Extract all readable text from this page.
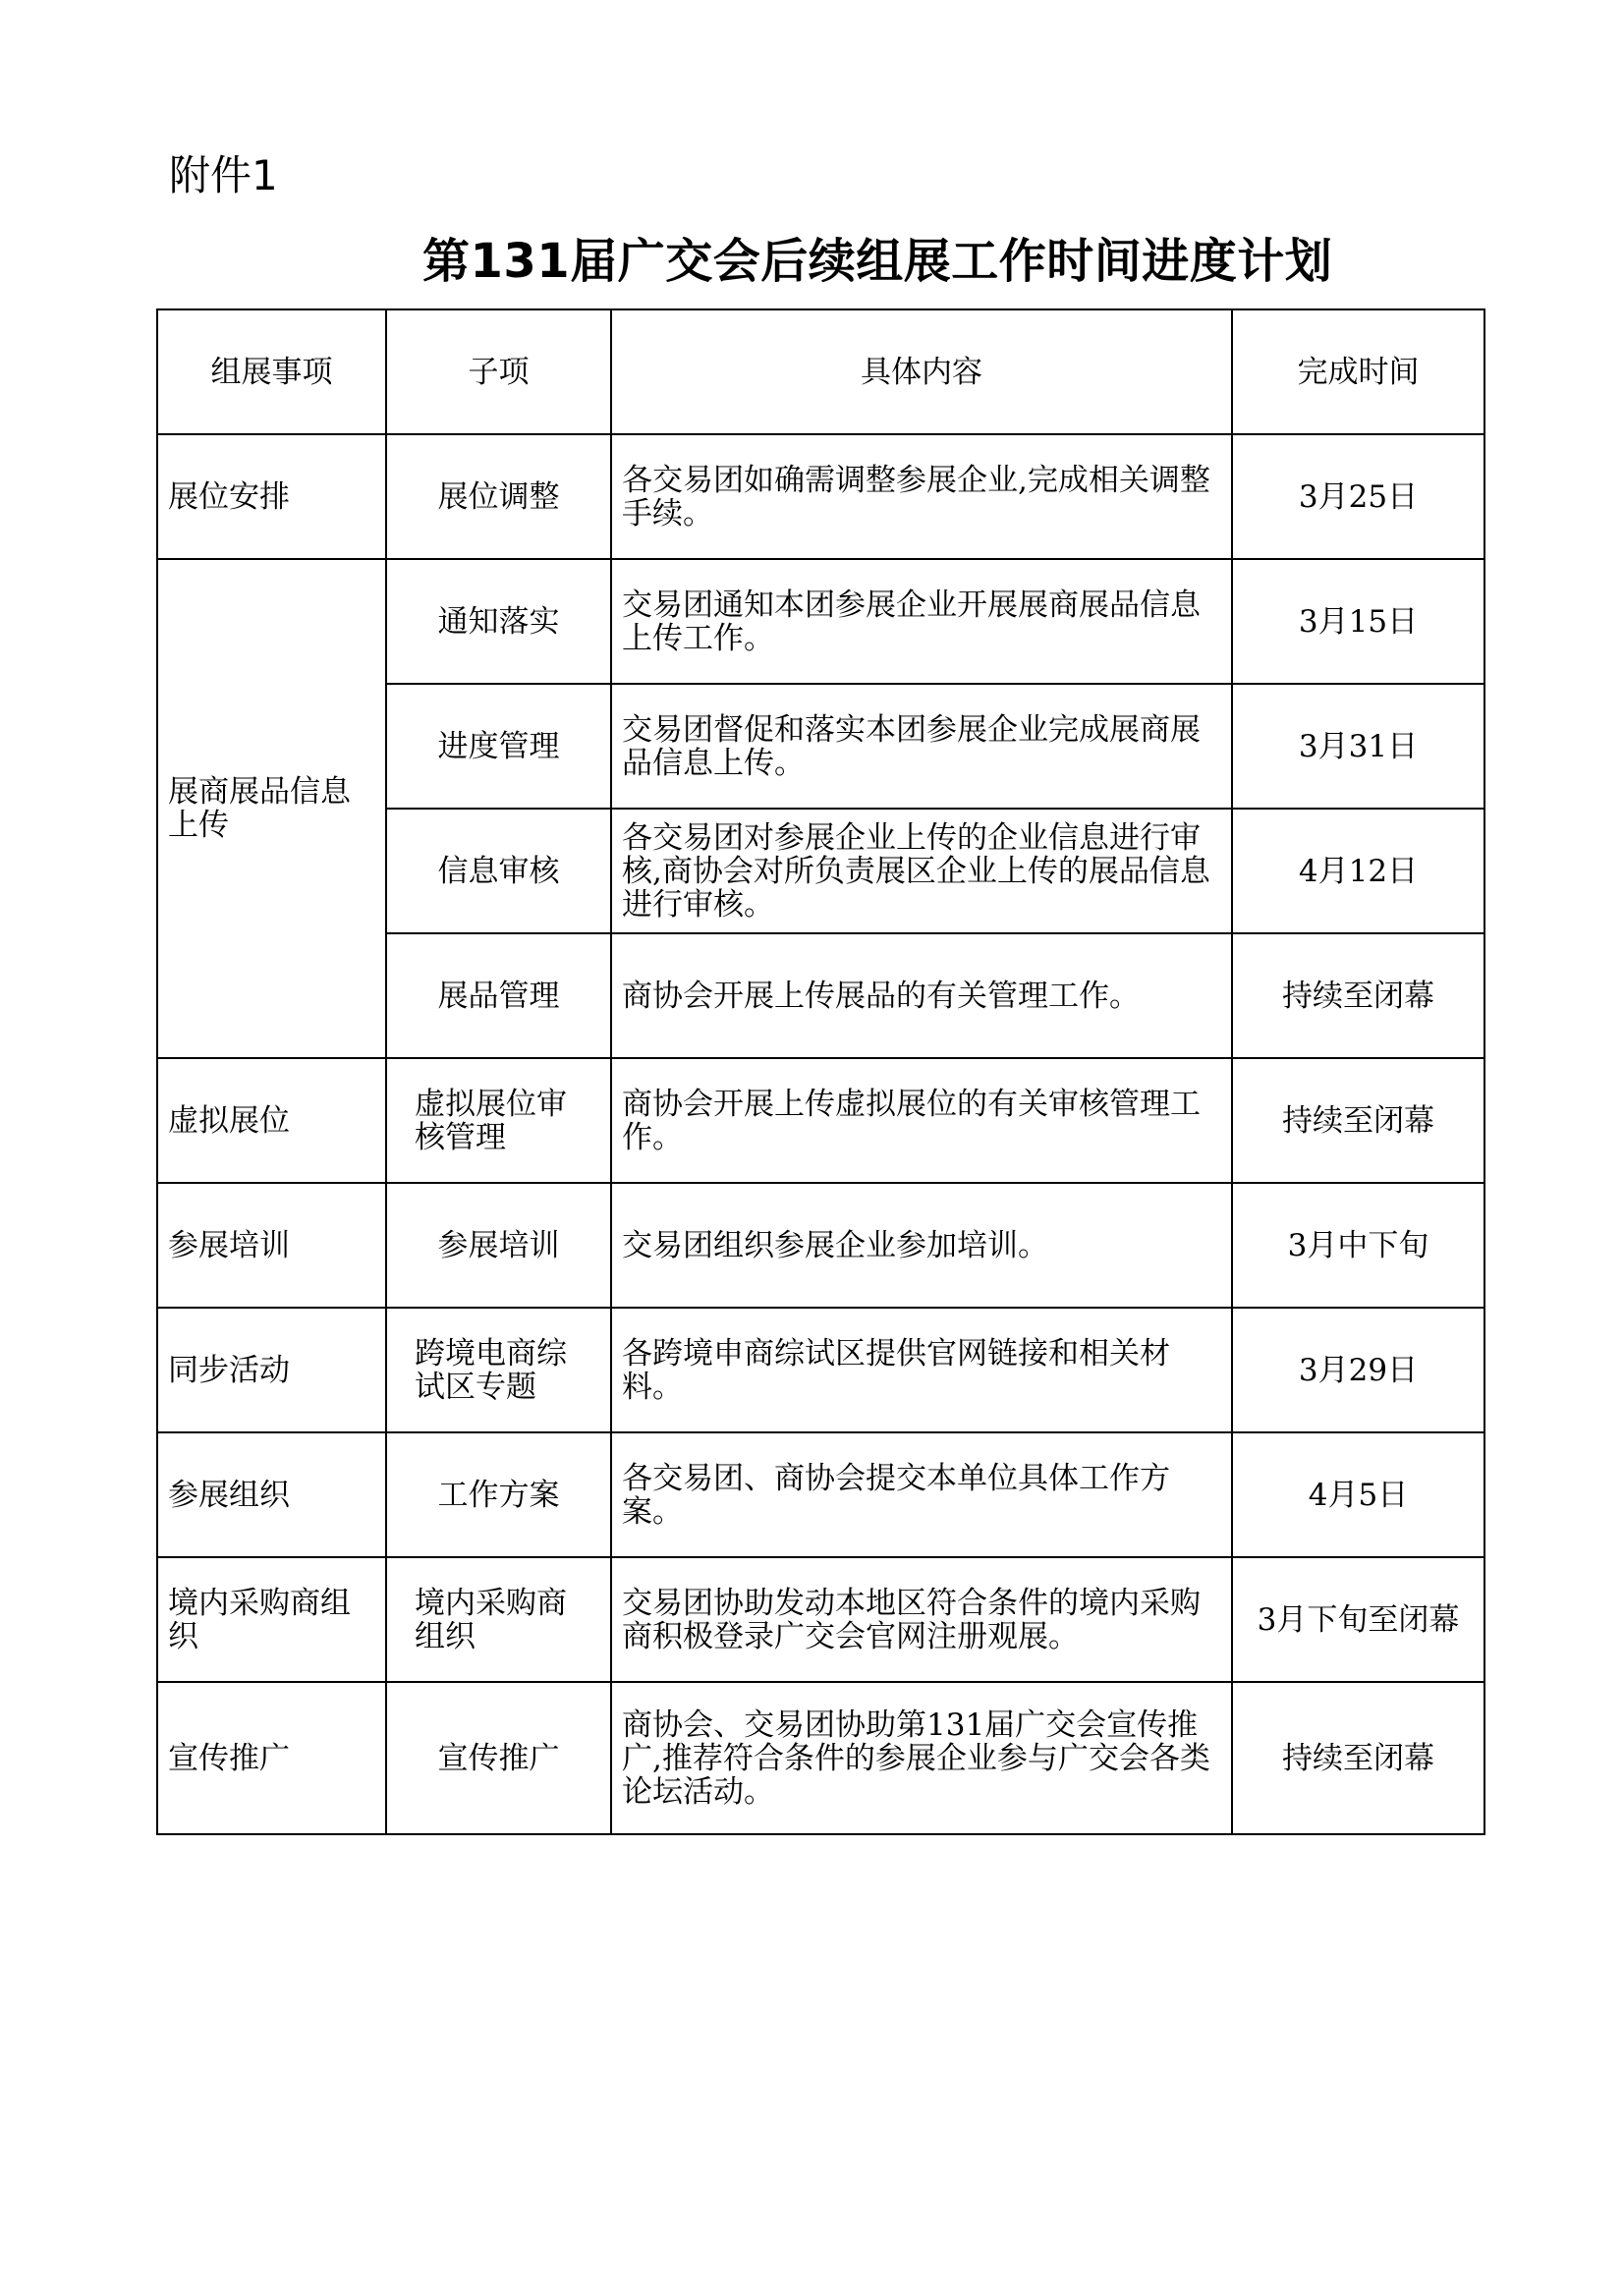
附件1
第131届广交会后续组展工作时间进度计划
组展事项	子项	具体内容	完成时间
展位安排	展位调整	各交易团如确需调整参展企业,完成相关调整手续。	3月25日
展商展品信息上传	通知落实	交易团通知本团参展企业开展展商展品信息上传工作。	3月15日
	进度管理	交易团督促和落实本团参展企业完成展商展品信息上传。	3月31日
	信息审核	各交易团对参展企业上传的企业信息进行审核,商协会对所负责展区企业上传的展品信息进行审核。	4月12日
	展品管理	商协会开展上传展品的有关管理工作。	持续至闭幕
虚拟展位	虚拟展位审核管理	商协会开展上传虚拟展位的有关审核管理工作。	持续至闭幕
参展培训	参展培训	交易团组织参展企业参加培训。	3月中下旬
同步活动	跨境电商综试区专题	各跨境申商综试区提供官网链接和相关材料。	3月29日
参展组织	工作方案	各交易团、商协会提交本单位具体工作方案。	4月5日
境内采购商组织	境内采购商组织	交易团协助发动本地区符合条件的境内采购商积极登录广交会官网注册观展。	3月下旬至闭幕
宣传推广	宣传推广	商协会、交易团协助第131届广交会宣传推广,推荐符合条件的参展企业参与广交会各类论坛活动。	持续至闭幕
